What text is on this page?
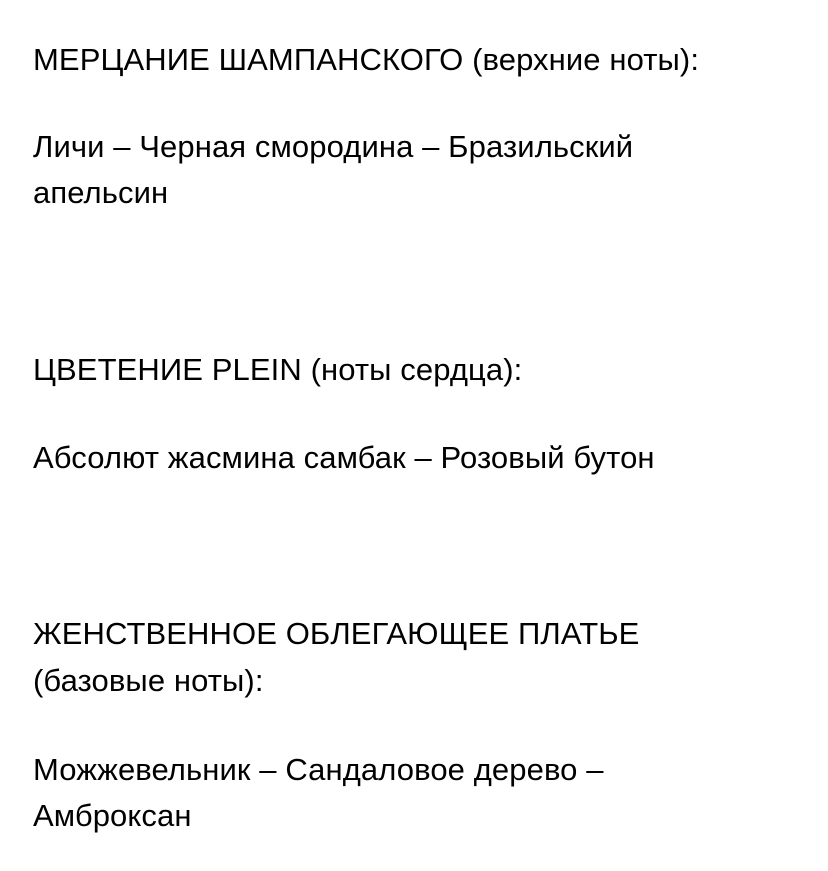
МЕРЦАНИЕ ШАМПАНСКОГО (верхние ноты):
Личи – Черная смородина – Бразильский
апельсин
ЦВЕТЕНИЕ PLEIN (ноты сердца):
Абсолют жасмина самбак – Розовый бутон
ЖЕНСТВЕННОЕ ОБЛЕГАЮЩЕЕ ПЛАТЬЕ
(базовые ноты):
Можжевельник – Сандаловое дерево –
Амброксан
